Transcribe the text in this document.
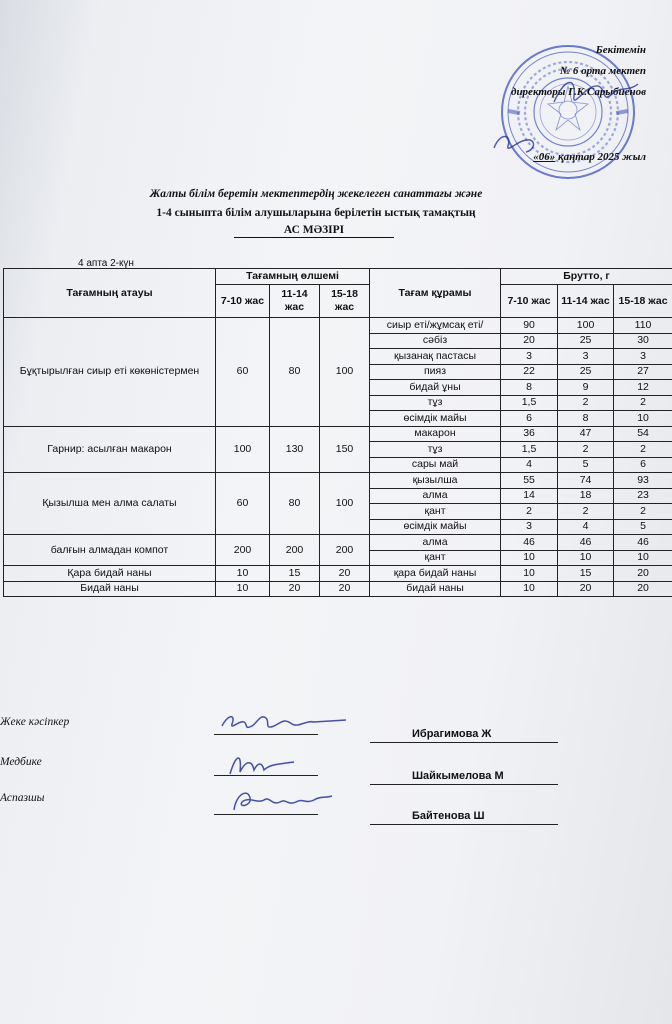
Бекітемін
№ 6 орта мектеп
директоры Г.К.Сарыбиенов
«06» қаңтар 2025 жыл
Жалпы білім беретін мектептердің жекелеген санаттағы және
1-4 сыныпта білім алушыларына берілетін ыстық тамақтың
АС МӘЗІРІ
4 апта 2-күн
Тағамның атауы	Тағамның өлшемі			Тағам құрамы	Брутто, г		
	7-10 жас	11-14 жас	15-18 жас		7-10 жас	11-14 жас	15-18 жас
Бұқтырылған сиыр еті көкөністермен	60	80	100	сиыр еті/жұмсақ еті/	90	100	110
				сәбіз	20	25	30
				қызанақ пастасы	3	3	3
				пияз	22	25	27
				бидай ұны	8	9	12
				тұз	1,5	2	2
				өсімдік майы	6	8	10
Гарнир: асылған макарон	100	130	150	макарон	36	47	54
				тұз	1,5	2	2
				сары май	4	5	6
Қызылша мен алма салаты	60	80	100	қызылша	55	74	93
				алма	14	18	23
				қант	2	2	2
				өсімдік майы	3	4	5
балғын алмадан компот	200	200	200	алма	46	46	46
				қант	10	10	10
Қара бидай наны	10	15	20	қара бидай наны	10	15	20
Бидай наны	10	20	20	бидай наны	10	20	20
Жеке кәсіпкер
Медбике
Аспазшы
Ибрагимова Ж
Шайкымелова М
Байтенова Ш
